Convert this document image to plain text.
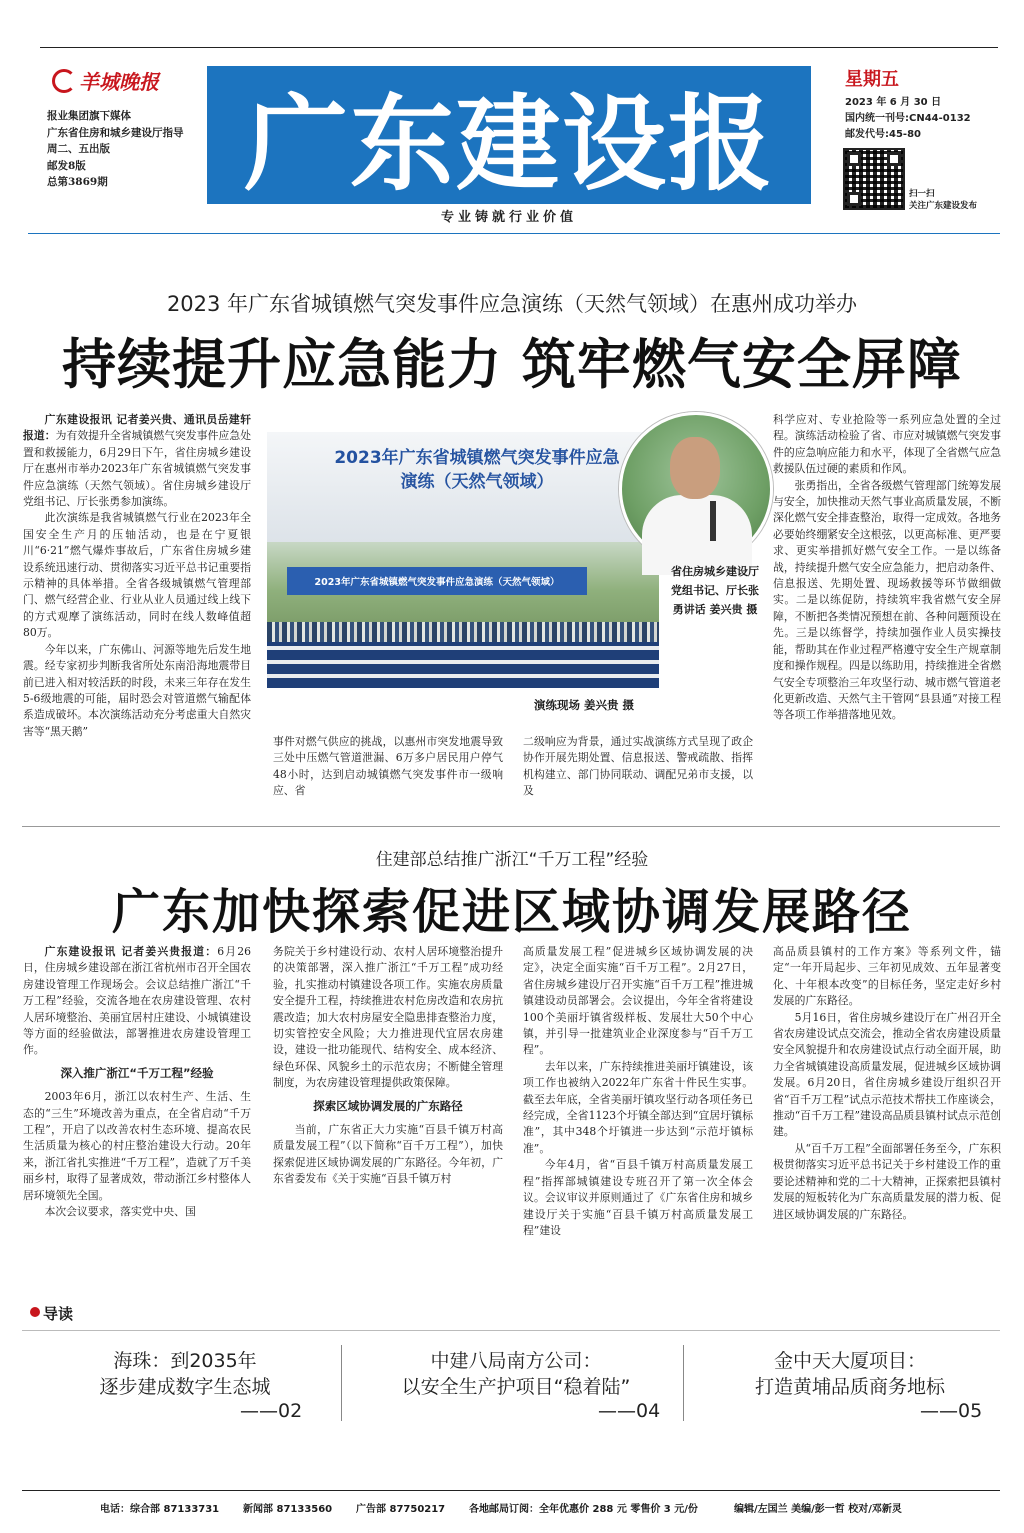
羊城晚报
报业集团旗下媒体
广东省住房和城乡建设厅指导
周二、五出版
邮发8版
总第3869期	广东建设报
专业铸就行业价值
星期五
2023 年 6 月 30 日
国内统一刊号:CN44-0132
邮发代号:45-80
扫一扫
关注广东建设发布
2023 年广东省城镇燃气突发事件应急演练（天然气领域）在惠州成功举办
持续提升应急能力 筑牢燃气安全屏障

广东建设报讯 记者姜兴贵、通讯员岳建轩报道：为有效提升全省城镇燃气突发事件应急处置和救援能力，6月29日下午，省住房城乡建设厅在惠州市举办2023年广东省城镇燃气突发事件应急演练（天然气领域）。省住房城乡建设厅党组书记、厅长张勇参加演练。

此次演练是我省城镇燃气行业在2023年全国安全生产月的压轴活动，也是在宁夏银川“6·21”燃气爆炸事故后，广东省住房城乡建设系统迅速行动、贯彻落实习近平总书记重要指示精神的具体举措。全省各级城镇燃气管理部门、燃气经营企业、行业从业人员通过线上线下的方式观摩了演练活动，同时在线人数峰值超80万。

今年以来，广东佛山、河源等地先后发生地震。经专家初步判断我省所处东南沿海地震带目前已进入相对较活跃的时段，未来三年存在发生5-6级地震的可能，届时恐会对管道燃气输配体系造成破坏。本次演练活动充分考虑重大自然灾害等“黑天鹅”

2023年广东省城镇燃气突发事件应急演练（天然气领域）
2023年广东省城镇燃气突发事件应急演练（天然气领域）
省住房城乡建设厅党组书记、厅长张勇讲话 姜兴贵 摄
演练现场 姜兴贵 摄

事件对燃气供应的挑战，以惠州市突发地震导致三处中压燃气管道泄漏、6万多户居民用户停气48小时，达到启动城镇燃气突发事件市一级响应、省

二级响应为背景，通过实战演练方式呈现了政企协作开展先期处置、信息报送、警戒疏散、指挥机构建立、部门协同联动、调配兄弟市支援，以及

科学应对、专业抢险等一系列应急处置的全过程。演练活动检验了省、市应对城镇燃气突发事件的应急响应能力和水平，体现了全省燃气应急救援队伍过硬的素质和作风。

张勇指出，全省各级燃气管理部门统筹发展与安全，加快推动天然气事业高质量发展，不断深化燃气安全排查整治，取得一定成效。各地务必要始终绷紧安全这根弦，以更高标准、更严要求、更实举措抓好燃气安全工作。一是以练备战，持续提升燃气安全应急能力，把启动条件、信息报送、先期处置、现场救援等环节做细做实。二是以练促防，持续筑牢我省燃气安全屏障，不断把各类情况预想在前、各种问题预设在先。三是以练督学，持续加强作业人员实操技能，帮助其在作业过程严格遵守安全生产规章制度和操作规程。四是以练助用，持续推进全省燃气安全专项整治三年攻坚行动、城市燃气管道老化更新改造、天然气主干管网“县县通”对接工程等各项工作举措落地见效。

住建部总结推广浙江“千万工程”经验
广东加快探索促进区域协调发展路径

广东建设报讯 记者姜兴贵报道：6月26日，住房城乡建设部在浙江省杭州市召开全国农房建设管理工作现场会。会议总结推广浙江“千万工程”经验，交流各地在农房建设管理、农村人居环境整治、美丽宜居村庄建设、小城镇建设等方面的经验做法，部署推进农房建设管理工作。

深入推广浙江“千万工程”经验

2003年6月，浙江以农村生产、生活、生态的“三生”环境改善为重点，在全省启动“千万工程”，开启了以改善农村生态环境、提高农民生活质量为核心的村庄整治建设大行动。20年来，浙江省扎实推进“千万工程”，造就了万千美丽乡村，取得了显著成效，带动浙江乡村整体人居环境领先全国。

本次会议要求，落实党中央、国

务院关于乡村建设行动、农村人居环境整治提升的决策部署，深入推广浙江“千万工程”成功经验，扎实推动村镇建设各项工作。实施农房质量安全提升工程，持续推进农村危房改造和农房抗震改造；加大农村房屋安全隐患排查整治力度，切实管控安全风险；大力推进现代宜居农房建设，建设一批功能现代、结构安全、成本经济、绿色环保、风貌乡土的示范农房；不断健全管理制度，为农房建设管理提供政策保障。

探索区域协调发展的广东路径

当前，广东省正大力实施“百县千镇万村高质量发展工程”（以下简称“百千万工程”），加快探索促进区域协调发展的广东路径。今年初，广东省委发布《关于实施“百县千镇万村

高质量发展工程”促进城乡区域协调发展的决定》，决定全面实施“百千万工程”。2月27日，省住房城乡建设厅召开实施“百千万工程”推进城镇建设动员部署会。会议提出，今年全省将建设100个美丽圩镇省级样板、发展壮大50个中心镇，并引导一批建筑业企业深度参与“百千万工程”。

去年以来，广东持续推进美丽圩镇建设，该项工作也被纳入2022年广东省十件民生实事。截至去年底，全省美丽圩镇攻坚行动各项任务已经完成，全省1123个圩镇全部达到“宜居圩镇标准”，其中348个圩镇进一步达到“示范圩镇标准”。

今年4月，省“百县千镇万村高质量发展工程”指挥部城镇建设专班召开了第一次全体会议。会议审议并原则通过了《广东省住房和城乡建设厅关于实施“百县千镇万村高质量发展工程”建设

高品质县镇村的工作方案》等系列文件，锚定“一年开局起步、三年初见成效、五年显著变化、十年根本改变”的目标任务，坚定走好乡村发展的广东路径。

5月16日，省住房城乡建设厅在广州召开全省农房建设试点交流会，推动全省农房建设质量安全风貌提升和农房建设试点行动全面开展，助力全省城镇建设高质量发展，促进城乡区域协调发展。6月20日，省住房城乡建设厅组织召开省“百千万工程”试点示范技术帮扶工作座谈会，推动“百千万工程”建设高品质县镇村试点示范创建。

从“百千万工程”全面部署任务至今，广东积极贯彻落实习近平总书记关于乡村建设工作的重要论述精神和党的二十大精神，正探索把县镇村发展的短板转化为广东高质量发展的潜力板、促进区域协调发展的广东路径。

导读
海珠：到2035年
逐步建成数字生态城
——02
中建八局南方公司：
以安全生产护项目“稳着陆”
——04
金中天大厦项目：
打造黄埔品质商务地标
——05
电话：综合部 87133731 新闻部 87133560 广告部 87750217 各地邮局订阅：全年优惠价 288 元 零售价 3 元/份	编辑/左国兰 美编/彭一哲 校对/邓新灵
